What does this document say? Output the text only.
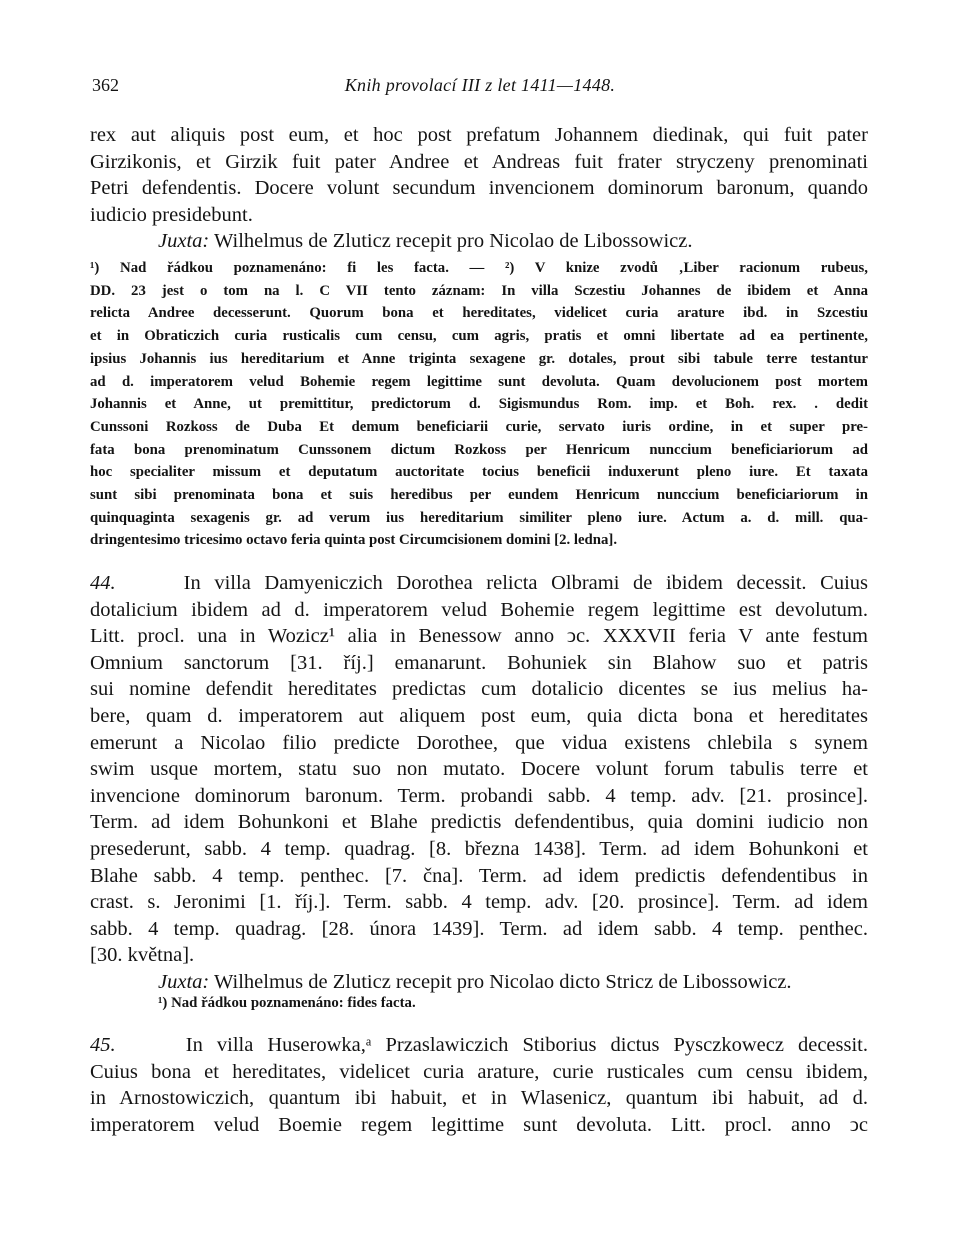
362	Knih provolací III z let 1411—1448.
rex aut aliquis post eum, et hoc post prefatum Johannem diedinak, qui fuit pater
Girzikonis, et Girzik fuit pater Andree et Andreas fuit frater stryczeny prenominati
Petri defendentis. Docere volunt secundum invencionem dominorum baronum, quando
iudicio presidebunt.
Juxta: Wilhelmus de Zluticz recepit pro Nicolao de Libossowicz.
¹) Nad řádkou poznamenáno: fi les facta. — ²) V knize zvodů ‚Liber racionum rubeus,
DD. 23 jest o tom na l. C VII tento záznam: In villa Sczestiu Johannes de ibidem et Anna
relicta Andree decesserunt. Quorum bona et hereditates, videlicet curia arature ibd. in Szcestiu
et in Obraticzich curia rusticalis cum censu, cum agris, pratis et omni libertate ad ea pertinente,
ipsius Johannis ius hereditarium et Anne triginta sexagene gr. dotales, prout sibi tabule terre testantur
ad d. imperatorem velud Bohemie regem legittime sunt devoluta. Quam devolucionem post mortem
Johannis et Anne, ut premittitur, predictorum d. Sigismundus Rom. imp. et Boh. rex. . dedit
Cunssoni Rozkoss de Duba Et demum beneficiarii curie, servato iuris ordine, in et super pre-
fata bona prenominatum Cunssonem dictum Rozkoss per Henricum nunccium beneficiariorum ad
hoc specialiter missum et deputatum auctoritate tocius beneficii induxerunt pleno iure. Et taxata
sunt sibi prenominata bona et suis heredibus per eundem Henricum nunccium beneficiariorum in
quinquaginta sexagenis gr. ad verum ius hereditarium similiter pleno iure. Actum a. d. mill. qua-
dringentesimo tricesimo octavo feria quinta post Circumcisionem domini [2. ledna].
44.	In villa Damyeniczich Dorothea relicta Olbrami de ibidem decessit. Cuius
dotalicium ibidem ad d. imperatorem velud Bohemie regem legittime est devolutum.
Litt. procl. una in Wozicz¹ alia in Benessow anno ↄc. XXXVII feria V ante festum
Omnium sanctorum [31. říj.] emanarunt. Bohuniek sin Blahow suo et patris
sui nomine defendit hereditates predictas cum dotalicio dicentes se ius melius ha-
bere, quam d. imperatorem aut aliquem post eum, quia dicta bona et hereditates
emerunt a Nicolao filio predicte Dorothee, que vidua existens chlebila s synem
swim usque mortem, statu suo non mutato. Docere volunt forum tabulis terre et
invencione dominorum baronum. Term. probandi sabb. 4 temp. adv. [21. prosince].
Term. ad idem Bohunkoni et Blahe predictis defendentibus, quia domini iudicio non
presederunt, sabb. 4 temp. quadrag. [8. března 1438]. Term. ad idem Bohunkoni et
Blahe sabb. 4 temp. penthec. [7. čna]. Term. ad idem predictis defendentibus in
crast. s. Jeronimi [1. říj.]. Term. sabb. 4 temp. adv. [20. prosince]. Term. ad idem
sabb. 4 temp. quadrag. [28. února 1439]. Term. ad idem sabb. 4 temp. penthec.
[30. května].
Juxta: Wilhelmus de Zluticz recepit pro Nicolao dicto Stricz de Libossowicz.
¹) Nad řádkou poznamenáno: fides facta.
45.	In villa Huserowka,ᵃ Przaslawiczich Stiborius dictus Pysczkowecz decessit.
Cuius bona et hereditates, videlicet curia arature, curie rusticales cum censu ibidem,
in Arnostowiczich, quantum ibi habuit, et in Wlasenicz, quantum ibi habuit, ad d.
imperatorem velud Boemie regem legittime sunt devoluta. Litt. procl. anno ↄc
